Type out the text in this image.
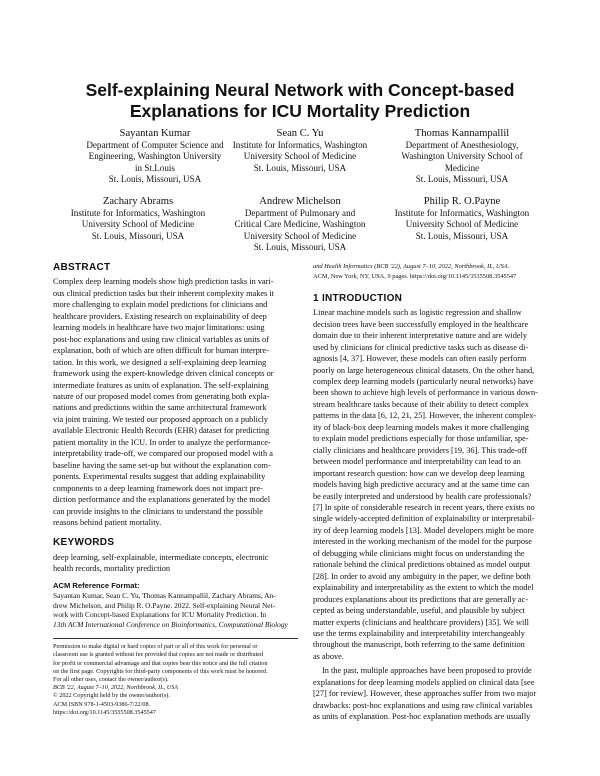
Self-explaining Neural Network with Concept-based
Explanations for ICU Mortality Prediction
Sayantan Kumar
Department of Computer Science and
Engineering, Washington University
in St.Louis
St. Louis, Missouri, USA
Sean C. Yu
Institute for Informatics, Washington
University School of Medicine
St. Louis, Missouri, USA
Thomas Kannampallil
Department of Anesthesiology,
Washington University School of
Medicine
St. Louis, Missouri, USA
Zachary Abrams
Institute for Informatics, Washington
University School of Medicine
St. Louis, Missouri, USA
Andrew Michelson
Department of Pulmonary and
Critical Care Medicine, Washington
University School of Medicine
St. Louis, Missouri, USA
Philip R. O.Payne
Institute for Informatics, Washington
University School of Medicine
St. Louis, Missouri, USA

ABSTRACT

Complex deep learning models show high prediction tasks in vari-
ous clinical prediction tasks but their inherent complexity makes it
more challenging to explain model predictions for clinicians and
healthcare providers. Existing research on explainability of deep
learning models in healthcare have two major limitations: using
post-hoc explanations and using raw clinical variables as units of
explanation, both of which are often difficult for human interpre-
tation. In this work, we designed a self-explaining deep learning
framework using the expert-knowledge driven clinical concepts or
intermediate features as units of explanation. The self-explaining
nature of our proposed model comes from generating both expla-
nations and predictions within the same architectural framework
via joint training. We tested our proposed approach on a publicly
available Electronic Health Records (EHR) dataset for predicting
patient mortality in the ICU. In order to analyze the performance-
interpretability trade-off, we compared our proposed model with a
baseline having the same set-up but without the explanation com-
ponents. Experimental results suggest that adding explainability
components to a deep learning framework does not impact pre-
diction performance and the explanations generated by the model
can provide insights to the clinicians to understand the possible
reasons behind patient mortality.

KEYWORDS

deep learning, self-explainable, intermediate concepts, electronic
health records, mortality prediction

ACM Reference Format:

Sayantan Kumar, Sean C. Yu, Thomas Kannampallil, Zachary Abrams, An-
drew Michelson, and Philip R. O.Payne. 2022. Self-explaining Neural Net-
work with Concept-based Explanations for ICU Mortality Prediction. In
13th ACM International Conference on Bioinformatics, Computational Biology
Permission to make digital or hard copies of part or all of this work for personal or
classroom use is granted without fee provided that copies are not made or distributed
for profit or commercial advantage and that copies bear this notice and the full citation
on the first page. Copyrights for third-party components of this work must be honored.
For all other uses, contact the owner/author(s).

BCB '22, August 7–10, 2022, Northbrook, IL, USA

© 2022 Copyright held by the owner/author(s).

ACM ISBN 978-1-4503-9386-7/22/08.

https://doi.org/10.1145/3535508.3545547

and Health Informatics (BCB '22), August 7–10, 2022, Northbrook, IL, USA.

ACM, New York, NY, USA, 9 pages. https://doi.org/10.1145/3535508.3545547

1 INTRODUCTION

Linear machine models such as logistic regression and shallow
decision trees have been successfully employed in the healthcare
domain due to their inherent interpretative nature and are widely
used by clinicians for clinical predictive tasks such as disease di-
agnosis [4, 37]. However, these models can often easily perform
poorly on large heterogeneous clinical datasets. On the other hand,
complex deep learning models (particularly neural networks) have
been shown to achieve high levels of performance in various down-
stream healthcare tasks because of their ability to detect complex
patterns in the data [6, 12, 21, 25]. However, the inherent complex-
ity of black-box deep learning models makes it more challenging
to explain model predictions especially for those unfamiliar, spe-
cially clinicians and healthcare providers [19, 36]. This trade-off
between model performance and interpretability can lead to an
important research question: how can we develop deep learning
models having high predictive accuracy and at the same time can
be easily interpreted and understood by health care professionals?
[7] In spite of considerable research in recent years, there exists no
single widely-accepted definition of explainability or interpretabil-
ity of deep learning models [13]. Model developers might be more
interested in the working mechanism of the model for the purpose
of debugging while clinicians might focus on understanding the
rationale behind the clinical predictions obtained as model output
[28]. In order to avoid any ambiguity in the paper, we define both
explainability and interpretability as the extent to which the model
produces explanations about its predictions that are generally ac-
cepted as being understandable, useful, and plausible by subject
matter experts (clinicians and healthcare providers) [35]. We will
use the terms explainability and interpretability interchangeably
throughout the manuscript, both referring to the same definition
as above.
In the past, multiple approaches have been proposed to provide
explanations for deep learning models applied on clinical data [see
[27] for review]. However, these approaches suffer from two major
drawbacks: post-hoc explanations and using raw clinical variables
as units of explanation. Post-hoc explanation methods are usually
